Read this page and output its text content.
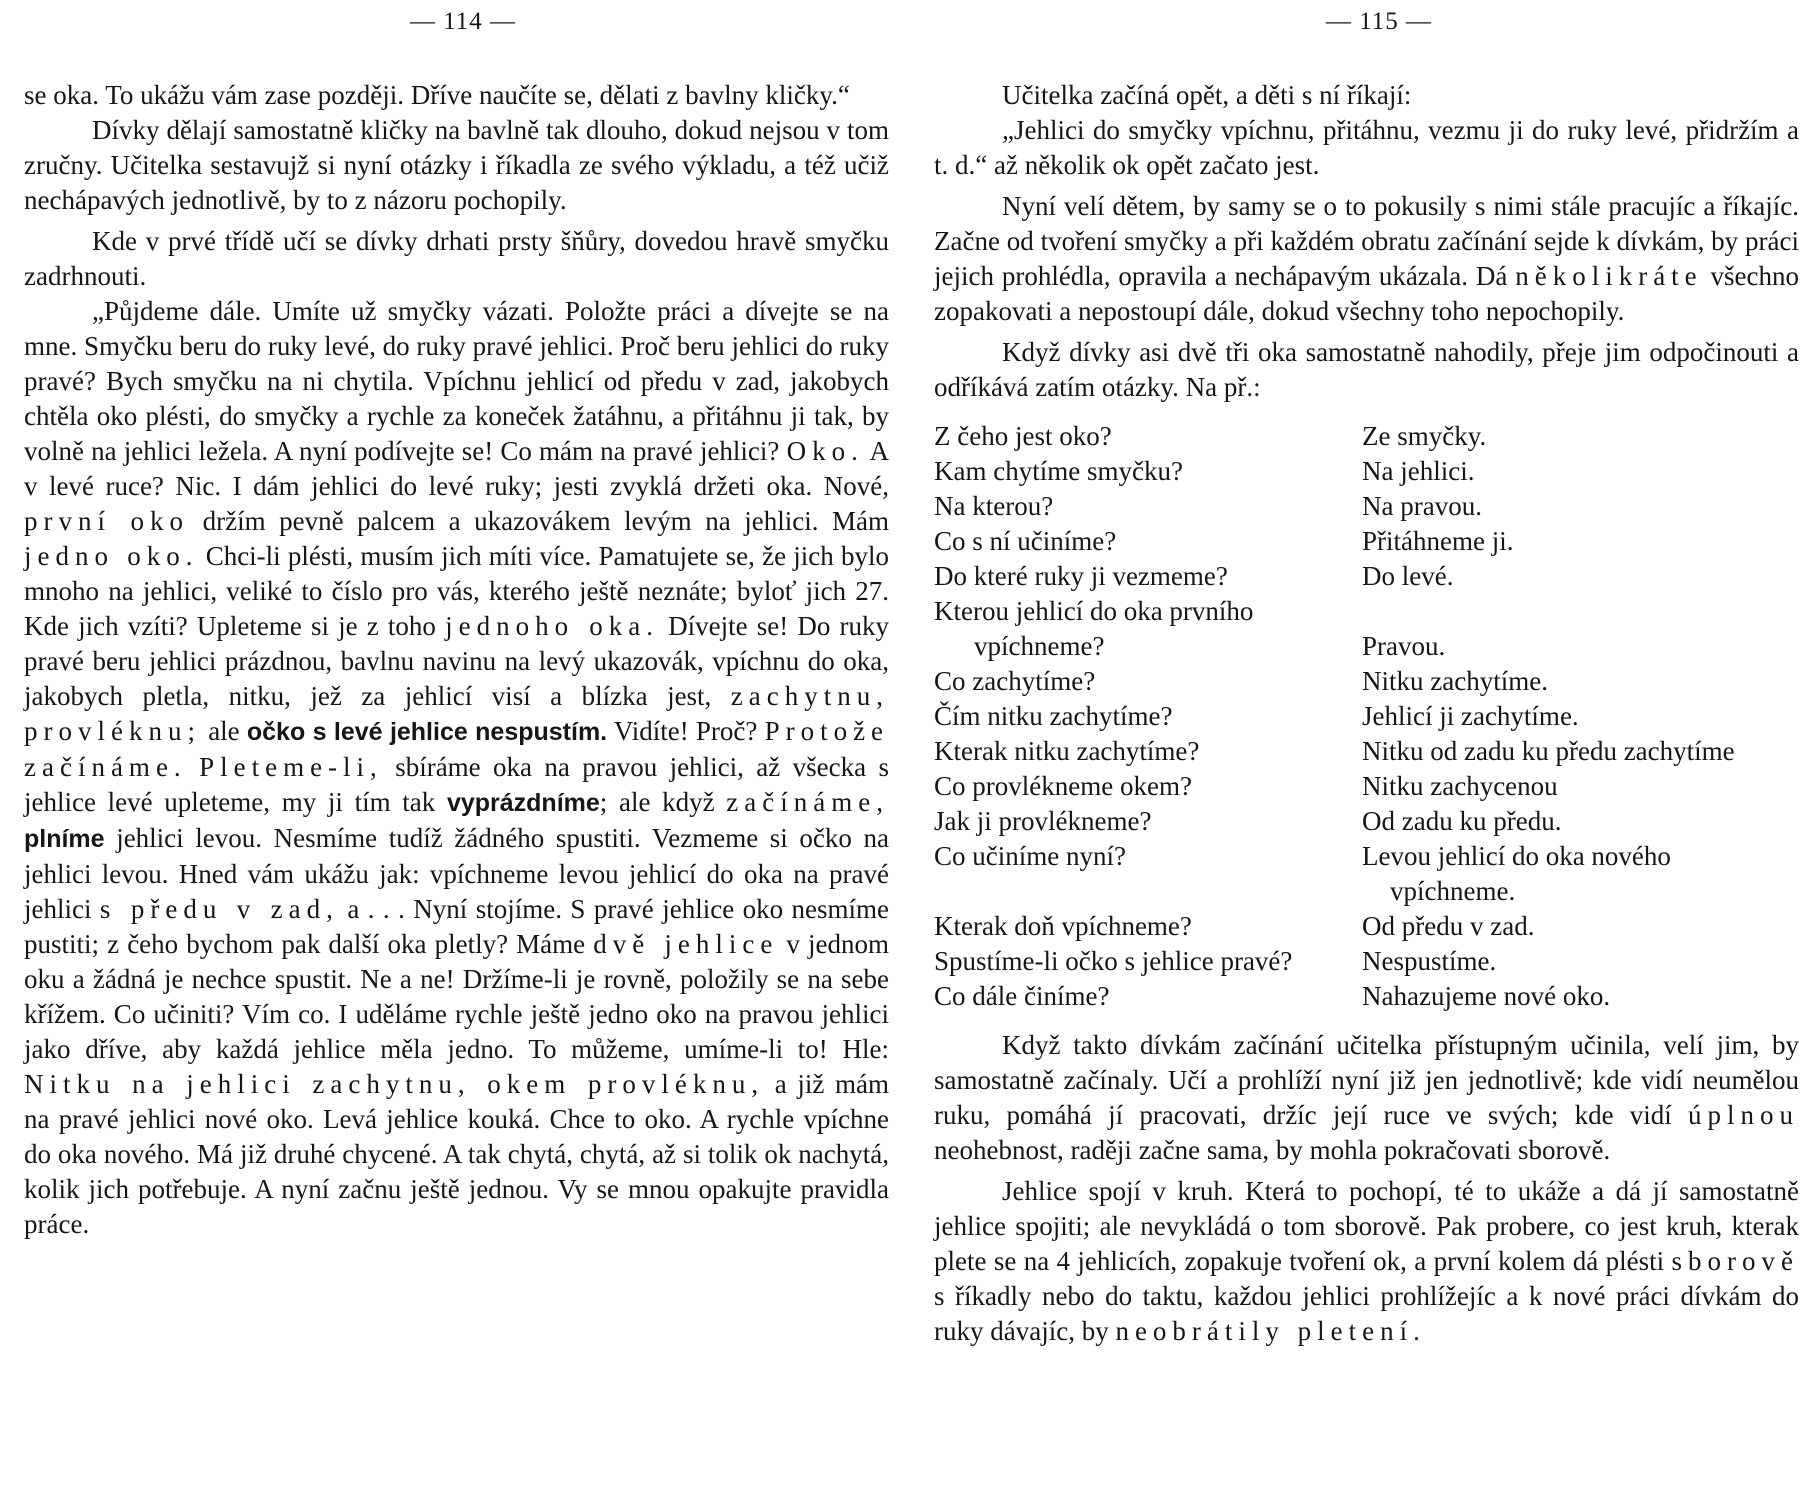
— 114 —

se oka. To ukážu vám zase později. Dříve naučíte se, dělati z bavlny kličky.“

Dívky dělají samostatně kličky na bavlně tak dlouho, dokud nejsou v tom zručny. Učitelka sestavujž si nyní otázky i říkadla ze svého výkladu, a též učiž nechápavých jednotlivě, by to z názoru pochopily.

Kde v prvé třídě učí se dívky drhati prsty šňůry, dovedou hravě smyčku zadrhnouti.

„Půjdeme dále. Umíte už smyčky vázati. Položte práci a dívejte se na mne. Smyčku beru do ruky levé, do ruky pravé jehlici. Proč beru jehlici do ruky pravé? Bych smyčku na ni chytila. Vpíchnu jehlicí od předu v zad, jakobych chtěla oko plésti, do smyčky a rychle za koneček žatáhnu, a přitáhnu ji tak, by volně na jehlici ležela. A nyní podívejte se! Co mám na pravé jehlici? Oko. A v levé ruce? Nic. I dám jehlici do levé ruky; jesti zvyklá držeti oka. Nové, první oko držím pevně palcem a ukazovákem levým na jehlici. Mám jedno oko. Chci-li plésti, musím jich míti více. Pamatujete se, že jich bylo mnoho na jehlici, veliké to číslo pro vás, kterého ještě neznáte; byloť jich 27. Kde jich vzíti? Upleteme si je z toho jednoho oka. Dívejte se! Do ruky pravé beru jehlici prázdnou, bavlnu navinu na levý ukazovák, vpíchnu do oka, jakobych pletla, nitku, jež za jehlicí visí a blízka jest, zachytnu, provléknu; ale očko s levé jehlice nespustím. Vidíte! Proč? Protože začínáme. Pleteme-li, sbíráme oka na pravou jehlici, až všecka s jehlice levé upleteme, my ji tím tak vyprázdníme; ale když začínáme, plníme jehlici levou. Nesmíme tudíž žádného spustiti. Vezmeme si očko na jehlici levou. Hned vám ukážu jak: vpíchneme levou jehlicí do oka na pravé jehlici s předu v zad, a . . . Nyní stojíme. S pravé jehlice oko nesmíme pustiti; z čeho bychom pak další oka pletly? Máme dvě jehlice v jednom oku a žádná je nechce spustit. Ne a ne! Držíme-li je rovně, položily se na sebe křížem. Co učiniti? Vím co. I uděláme rychle ještě jedno oko na pravou jehlici jako dříve, aby každá jehlice měla jedno. To můžeme, umíme-li to! Hle: Nitku na jehlici zachytnu, okem provléknu, a již mám na pravé jehlici nové oko. Levá jehlice kouká. Chce to oko. A rychle vpíchne do oka nového. Má již druhé chycené. A tak chytá, chytá, až si tolik ok nachytá, kolik jich potřebuje. A nyní začnu ještě jednou. Vy se mnou opakujte pravidla práce.

— 115 —

Učitelka začíná opět, a děti s ní říkají:

„Jehlici do smyčky vpíchnu, přitáhnu, vezmu ji do ruky levé, přidržím a t. d.“ až několik ok opět začato jest.

Nyní velí dětem, by samy se o to pokusily s nimi stále pracujíc a říkajíc. Začne od tvoření smyčky a při každém obratu začínání sejde k dívkám, by práci jejich prohlédla, opravila a nechápavým ukázala. Dá několikráte všechno zopakovati a nepostoupí dále, dokud všechny toho nepochopily.

Když dívky asi dvě tři oka samostatně nahodily, přeje jim odpočinouti a odříkává zatím otázky. Na př.:

Z čeho jest oko?	Ze smyčky.
Kam chytíme smyčku?	Na jehlici.
Na kterou?	Na pravou.
Co s ní učiníme?	Přitáhneme ji.
Do které ruky ji vezmeme?	Do levé.
Kterou jehlicí do oka prvního
vpíchneme?	Pravou.
Co zachytíme?	Nitku zachytíme.
Čím nitku zachytíme?	Jehlicí ji zachytíme.
Kterak nitku zachytíme?	Nitku od zadu ku předu zachytíme
Co provlékneme okem?	Nitku zachycenou
Jak ji provlékneme?	Od zadu ku předu.
Co učiníme nyní?	Levou jehlicí do oka nového
vpíchneme.
Kterak doň vpíchneme?	Od předu v zad.
Spustíme-li očko s jehlice pravé?	Nespustíme.
Co dále činíme?	Nahazujeme nové oko.

Když takto dívkám začínání učitelka přístupným učinila, velí jim, by samostatně začínaly. Učí a prohlíží nyní již jen jednotlivě; kde vidí neumělou ruku, pomáhá jí pracovati, držíc její ruce ve svých; kde vidí úplnou neohebnost, raději začne sama, by mohla pokračovati sborově.

Jehlice spojí v kruh. Která to pochopí, té to ukáže a dá jí samostatně jehlice spojiti; ale nevykládá o tom sborově. Pak probere, co jest kruh, kterak plete se na 4 jehlicích, zopakuje tvoření ok, a první kolem dá plésti sborově s říkadly nebo do taktu, každou jehlici prohlížejíc a k nové práci dívkám do ruky dávajíc, by neobrátily pletení.
